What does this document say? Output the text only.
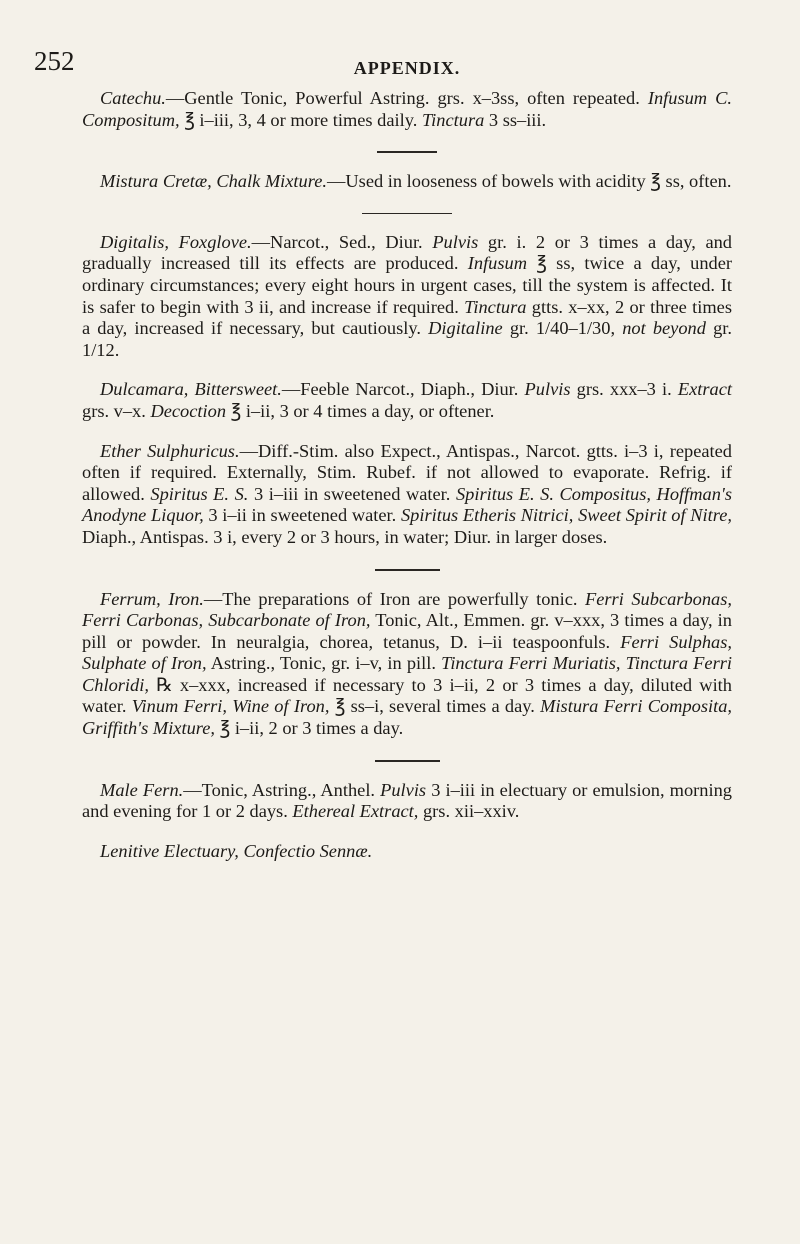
252	APPENDIX.

Catechu.—Gentle Tonic, Powerful Astring. grs. x–3ss, often repeated. Infusum C. Compositum, ℥ i–iii, 3, 4 or more times daily. Tinctura 3 ss–iii.

Mistura Cretæ, Chalk Mixture.—Used in looseness of bowels with acidity ℥ ss, often.

Digitalis, Foxglove.—Narcot., Sed., Diur. Pulvis gr. i. 2 or 3 times a day, and gradually increased till its effects are produced. Infusum ℥ ss, twice a day, under ordinary circumstances; every eight hours in urgent cases, till the system is affected. It is safer to begin with 3 ii, and increase if required. Tinctura gtts. x–xx, 2 or three times a day, increased if necessary, but cautiously. Digitaline gr. 1/40–1/30, not beyond gr. 1/12.

Dulcamara, Bittersweet.—Feeble Narcot., Diaph., Diur. Pulvis grs. xxx–3 i. Extract grs. v–x. Decoction ℥ i–ii, 3 or 4 times a day, or oftener.

Ether Sulphuricus.—Diff.-Stim. also Expect., Antispas., Narcot. gtts. i–3 i, repeated often if required. Externally, Stim. Rubef. if not allowed to evaporate. Refrig. if allowed. Spiritus E. S. 3 i–iii in sweetened water. Spiritus E. S. Compositus, Hoffman's Anodyne Liquor, 3 i–ii in sweetened water. Spiritus Etheris Nitrici, Sweet Spirit of Nitre, Diaph., Antispas. 3 i, every 2 or 3 hours, in water; Diur. in larger doses.

Ferrum, Iron.—The preparations of Iron are powerfully tonic. Ferri Subcarbonas, Ferri Carbonas, Subcarbonate of Iron, Tonic, Alt., Emmen. gr. v–xxx, 3 times a day, in pill or powder. In neuralgia, chorea, tetanus, D. i–ii teaspoonfuls. Ferri Sulphas, Sulphate of Iron, Astring., Tonic, gr. i–v, in pill. Tinctura Ferri Muriatis, Tinctura Ferri Chloridi, ℞ x–xxx, increased if necessary to 3 i–ii, 2 or 3 times a day, diluted with water. Vinum Ferri, Wine of Iron, ℥ ss–i, several times a day. Mistura Ferri Composita, Griffith's Mixture, ℥ i–ii, 2 or 3 times a day.

Male Fern.—Tonic, Astring., Anthel. Pulvis 3 i–iii in electuary or emulsion, morning and evening for 1 or 2 days. Ethereal Extract, grs. xii–xxiv.

Lenitive Electuary, Confectio Sennæ.
